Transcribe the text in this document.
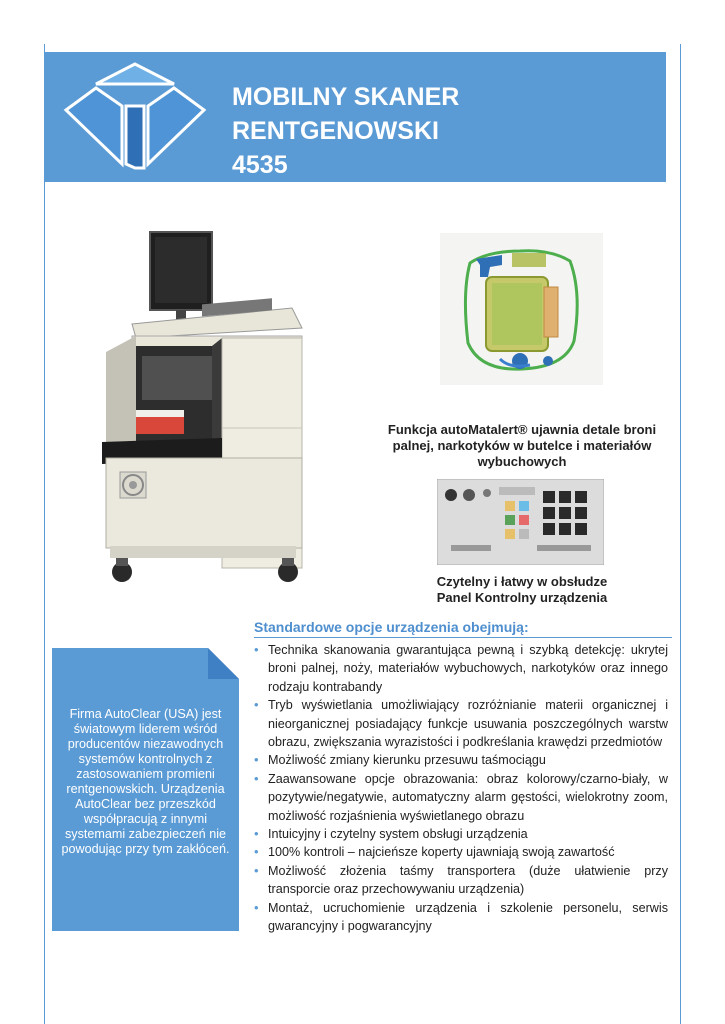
MOBILNY SKANER RENTGENOWSKI
4535
Funkcja autoMatalert® ujawnia detale broni palnej, narkotyków w butelce i materiałów wybuchowych
Czytelny i łatwy w obsłudze
Panel Kontrolny urządzenia
Standardowe opcje urządzenia obejmują:
• Technika skanowania gwarantująca pewną i szybką detekcję: ukrytej broni palnej, noży, materiałów wybuchowych, narkotyków oraz innego rodzaju kontrabandy
• Tryb wyświetlania umożliwiający rozróżnianie materii organicznej i nieorganicznej posiadający funkcje usuwania poszczególnych warstw obrazu, zwiększania wyrazistości i podkreślania krawędzi przedmiotów
• Możliwość zmiany kierunku przesuwu taśmociągu
• Zaawansowane opcje obrazowania: obraz kolorowy/czarno-biały, w pozytywie/negatywie, automatyczny alarm gęstości, wielokrotny zoom, możliwość rozjaśnienia wyświetlanego obrazu
• Intuicyjny i czytelny system obsługi urządzenia
• 100% kontroli – najcieńsze koperty ujawniają swoją zawartość
• Możliwość złożenia taśmy transportera (duże ułatwienie przy transporcie oraz przechowywaniu urządzenia)
• Montaż, ucruchomienie urządzenia i szkolenie personelu, serwis gwarancyjny i pogwarancyjny
Firma AutoClear (USA) jest światowym liderem wśród producentów niezawodnych systemów kontrolnych z zastosowaniem promieni rentgenowskich. Urządzenia AutoClear bez przeszkód współpracują z innymi systemami zabezpieczeń nie powodując przy tym zakłóceń.
